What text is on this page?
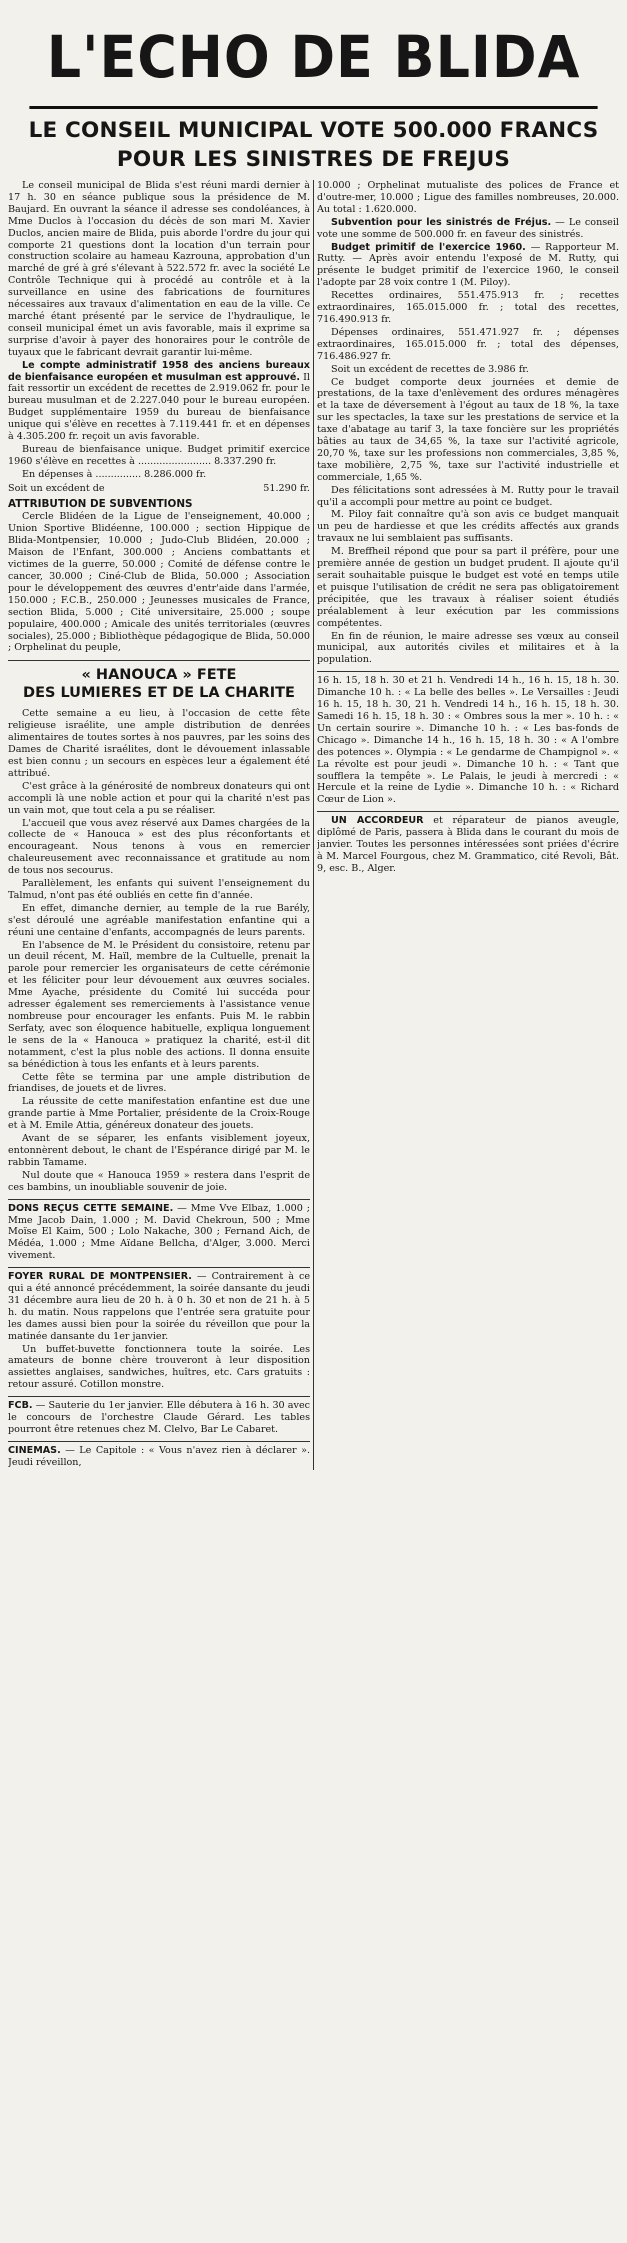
L'ECHO DE BLIDA
LE CONSEIL MUNICIPAL VOTE 500.000 FRANCS
POUR LES SINISTRES DE FREJUS

Le conseil municipal de Blida s'est réuni mardi dernier à 17 h. 30 en séance publique sous la présidence de M. Baujard. En ouvrant la séance il adresse ses condoléances, à Mme Duclos à l'occasion du décès de son mari M. Xavier Duclos, ancien maire de Blida, puis aborde l'ordre du jour qui comporte 21 questions dont la location d'un terrain pour construction scolaire au hameau Kazrouna, approbation d'un marché de gré à gré s'élevant à 522.572 fr. avec la société Le Contrôle Technique qui à procédé au contrôle et à la surveillance en usine des fabrications de fournitures nécessaires aux travaux d'alimentation en eau de la ville. Ce marché étant présenté par le service de l'hydraulique, le conseil municipal émet un avis favorable, mais il exprime sa surprise d'avoir à payer des honoraires pour le contrôle de tuyaux que le fabricant devrait garantir lui-même.

Le compte administratif 1958 des anciens bureaux de bienfaisance européen et musulman est approuvé. Il fait ressortir un excédent de recettes de 2.919.062 fr. pour le bureau musulman et de 2.227.040 pour le bureau européen. Budget supplémentaire 1959 du bureau de bienfaisance unique qui s'élève en recettes à 7.119.441 fr. et en dépenses à 4.305.200 fr. reçoit un avis favorable.

Bureau de bienfaisance unique. Budget primitif exercice 1960 s'élève en recettes à ........................ 8.337.290 fr.

En dépenses à ............... 8.286.000 fr.

Soit un excédent de	51.290 fr.

ATTRIBUTION DE SUBVENTIONS

Cercle Blidéen de la Ligue de l'enseignement, 40.000 ; Union Sportive Blidéenne, 100.000 ; section Hippique de Blida-Montpensier, 10.000 ; Judo-Club Blidéen, 20.000 ; Maison de l'Enfant, 300.000 ; Anciens combattants et victimes de la guerre, 50.000 ; Comité de défense contre le cancer, 30.000 ; Ciné-Club de Blida, 50.000 ; Association pour le développement des œuvres d'entr'aide dans l'armée, 150.000 ; F.C.B., 250.000 ; Jeunesses musicales de France, section Blida, 5.000 ; Cité universitaire, 25.000 ; soupe populaire, 400.000 ; Amicale des unités territoriales (œuvres sociales), 25.000 ; Bibliothèque pédagogique de Blida, 50.000 ; Orphelinat du peuple,

« HANOUCA » FETE
DES LUMIERES ET DE LA CHARITE

Cette semaine a eu lieu, à l'occasion de cette fête religieuse israélite, une ample distribution de denrées alimentaires de toutes sortes à nos pauvres, par les soins des Dames de Charité israélites, dont le dévouement inlassable est bien connu ; un secours en espèces leur a également été attribué.

C'est grâce à la générosité de nombreux donateurs qui ont accompli là une noble action et pour qui la charité n'est pas un vain mot, que tout cela a pu se réaliser.

L'accueil que vous avez réservé aux Dames chargées de la collecte de « Hanouca » est des plus réconfortants et encourageant. Nous tenons à vous en remercier chaleureusement avec reconnaissance et gratitude au nom de tous nos secourus.

Parallèlement, les enfants qui suivent l'enseignement du Talmud, n'ont pas été oubliés en cette fin d'année.

En effet, dimanche dernier, au temple de la rue Barély, s'est déroulé une agréable manifestation enfantine qui a réuni une centaine d'enfants, accompagnés de leurs parents.

En l'absence de M. le Président du consistoire, retenu par un deuil récent, M. Haïl, membre de la Cultuelle, prenait la parole pour remercier les organisateurs de cette cérémonie et les féliciter pour leur dévouement aux œuvres sociales. Mme Ayache, présidente du Comité lui succéda pour adresser également ses remerciements à l'assistance venue nombreuse pour encourager les enfants. Puis M. le rabbin Serfaty, avec son éloquence habituelle, expliqua longuement le sens de la « Hanouca » pratiquez la charité, est-il dit notamment, c'est la plus noble des actions. Il donna ensuite sa bénédiction à tous les enfants et à leurs parents.

Cette fête se termina par une ample distribution de friandises, de jouets et de livres.

La réussite de cette manifestation enfantine est due une grande partie à Mme Portalier, présidente de la Croix-Rouge et à M. Emile Attia, généreux donateur des jouets.

Avant de se séparer, les enfants visiblement joyeux, entonnèrent debout, le chant de l'Espérance dirigé par M. le rabbin Tamame.

Nul doute que « Hanouca 1959 » restera dans l'esprit de ces bambins, un inoubliable souvenir de joie.

DONS REÇUS CETTE SEMAINE. — Mme Vve Elbaz, 1.000 ; Mme Jacob Dain, 1.000 ; M. David Chekroun, 500 ; Mme Moïse El Kaim, 500 ; Lolo Nakache, 300 ; Fernand Aich, de Médéa, 1.000 ; Mme Aïdane Bellcha, d'Alger, 3.000. Merci vivement.

FOYER RURAL DE MONTPENSIER. — Contrairement à ce qui a été annoncé précédemment, la soirée dansante du jeudi 31 décembre aura lieu de 20 h. à 0 h. 30 et non de 21 h. à 5 h. du matin. Nous rappelons que l'entrée sera gratuite pour les dames aussi bien pour la soirée du réveillon que pour la matinée dansante du 1er janvier.

Un buffet-buvette fonctionnera toute la soirée. Les amateurs de bonne chère trouveront à leur disposition assiettes anglaises, sandwiches, huîtres, etc. Cars gratuits : retour assuré. Cotillon monstre.

FCB. — Sauterie du 1er janvier. Elle débutera à 16 h. 30 avec le concours de l'orchestre Claude Gérard. Les tables pourront être retenues chez M. Clelvo, Bar Le Cabaret.

CINEMAS. — Le Capitole : « Vous n'avez rien à déclarer ». Jeudi réveillon,

10.000 ; Orphelinat mutualiste des polices de France et d'outre-mer, 10.000 ; Ligue des familles nombreuses, 20.000. Au total : 1.620.000.

Subvention pour les sinistrés de Fréjus. — Le conseil vote une somme de 500.000 fr. en faveur des sinistrés.

Budget primitif de l'exercice 1960. — Rapporteur M. Rutty. — Après avoir entendu l'exposé de M. Rutty, qui présente le budget primitif de l'exercice 1960, le conseil l'adopte par 28 voix contre 1 (M. Piloy).

Recettes ordinaires, 551.475.913 fr. ; recettes extraordinaires, 165.015.000 fr. ; total des recettes, 716.490.913 fr.

Dépenses ordinaires, 551.471.927 fr. ; dépenses extraordinaires, 165.015.000 fr. ; total des dépenses, 716.486.927 fr.

Soit un excédent de recettes de 3.986 fr.

Ce budget comporte deux journées et demie de prestations, de la taxe d'enlèvement des ordures ménagères et la taxe de déversement à l'égout au taux de 18 %, la taxe sur les spectacles, la taxe sur les prestations de service et la taxe d'abatage au tarif 3, la taxe foncière sur les propriétés bâties au taux de 34,65 %, la taxe sur l'activité agricole, 20,70 %, taxe sur les professions non commerciales, 3,85 %, taxe mobilière, 2,75 %, taxe sur l'activité industrielle et commerciale, 1,65 %.

Des félicitations sont adressées à M. Rutty pour le travail qu'il a accompli pour mettre au point ce budget.

M. Piloy fait connaître qu'à son avis ce budget manquait un peu de hardiesse et que les crédits affectés aux grands travaux ne lui semblaient pas suffisants.

M. Breffheil répond que pour sa part il préfère, pour une première année de gestion un budget prudent. Il ajoute qu'il serait souhaitable puisque le budget est voté en temps utile et puisque l'utilisation de crédit ne sera pas obligatoirement précipitée, que les travaux à réaliser soient étudiés préalablement à leur exécution par les commissions compétentes.

En fin de réunion, le maire adresse ses vœux au conseil municipal, aux autorités civiles et militaires et à la population.

16 h. 15, 18 h. 30 et 21 h. Vendredi 14 h., 16 h. 15, 18 h. 30. Dimanche 10 h. : « La belle des belles ». Le Versailles : Jeudi 16 h. 15, 18 h. 30, 21 h. Vendredi 14 h., 16 h. 15, 18 h. 30. Samedi 16 h. 15, 18 h. 30 : « Ombres sous la mer ». 10 h. : « Un certain sourire ». Dimanche 10 h. : « Les bas-fonds de Chicago ». Dimanche 14 h., 16 h. 15, 18 h. 30 : « A l'ombre des potences ». Olympia : « Le gendarme de Champignol ». « La révolte est pour jeudi ». Dimanche 10 h. : « Tant que soufflera la tempête ». Le Palais, le jeudi à mercredi : « Hercule et la reine de Lydie ». Dimanche 10 h. : « Richard Cœur de Lion ».

UN ACCORDEUR et réparateur de pianos aveugle, diplômé de Paris, passera à Blida dans le courant du mois de janvier. Toutes les personnes intéressées sont priées d'écrire à M. Marcel Fourgous, chez M. Grammatico, cité Revoli, Bât. 9, esc. B., Alger.
